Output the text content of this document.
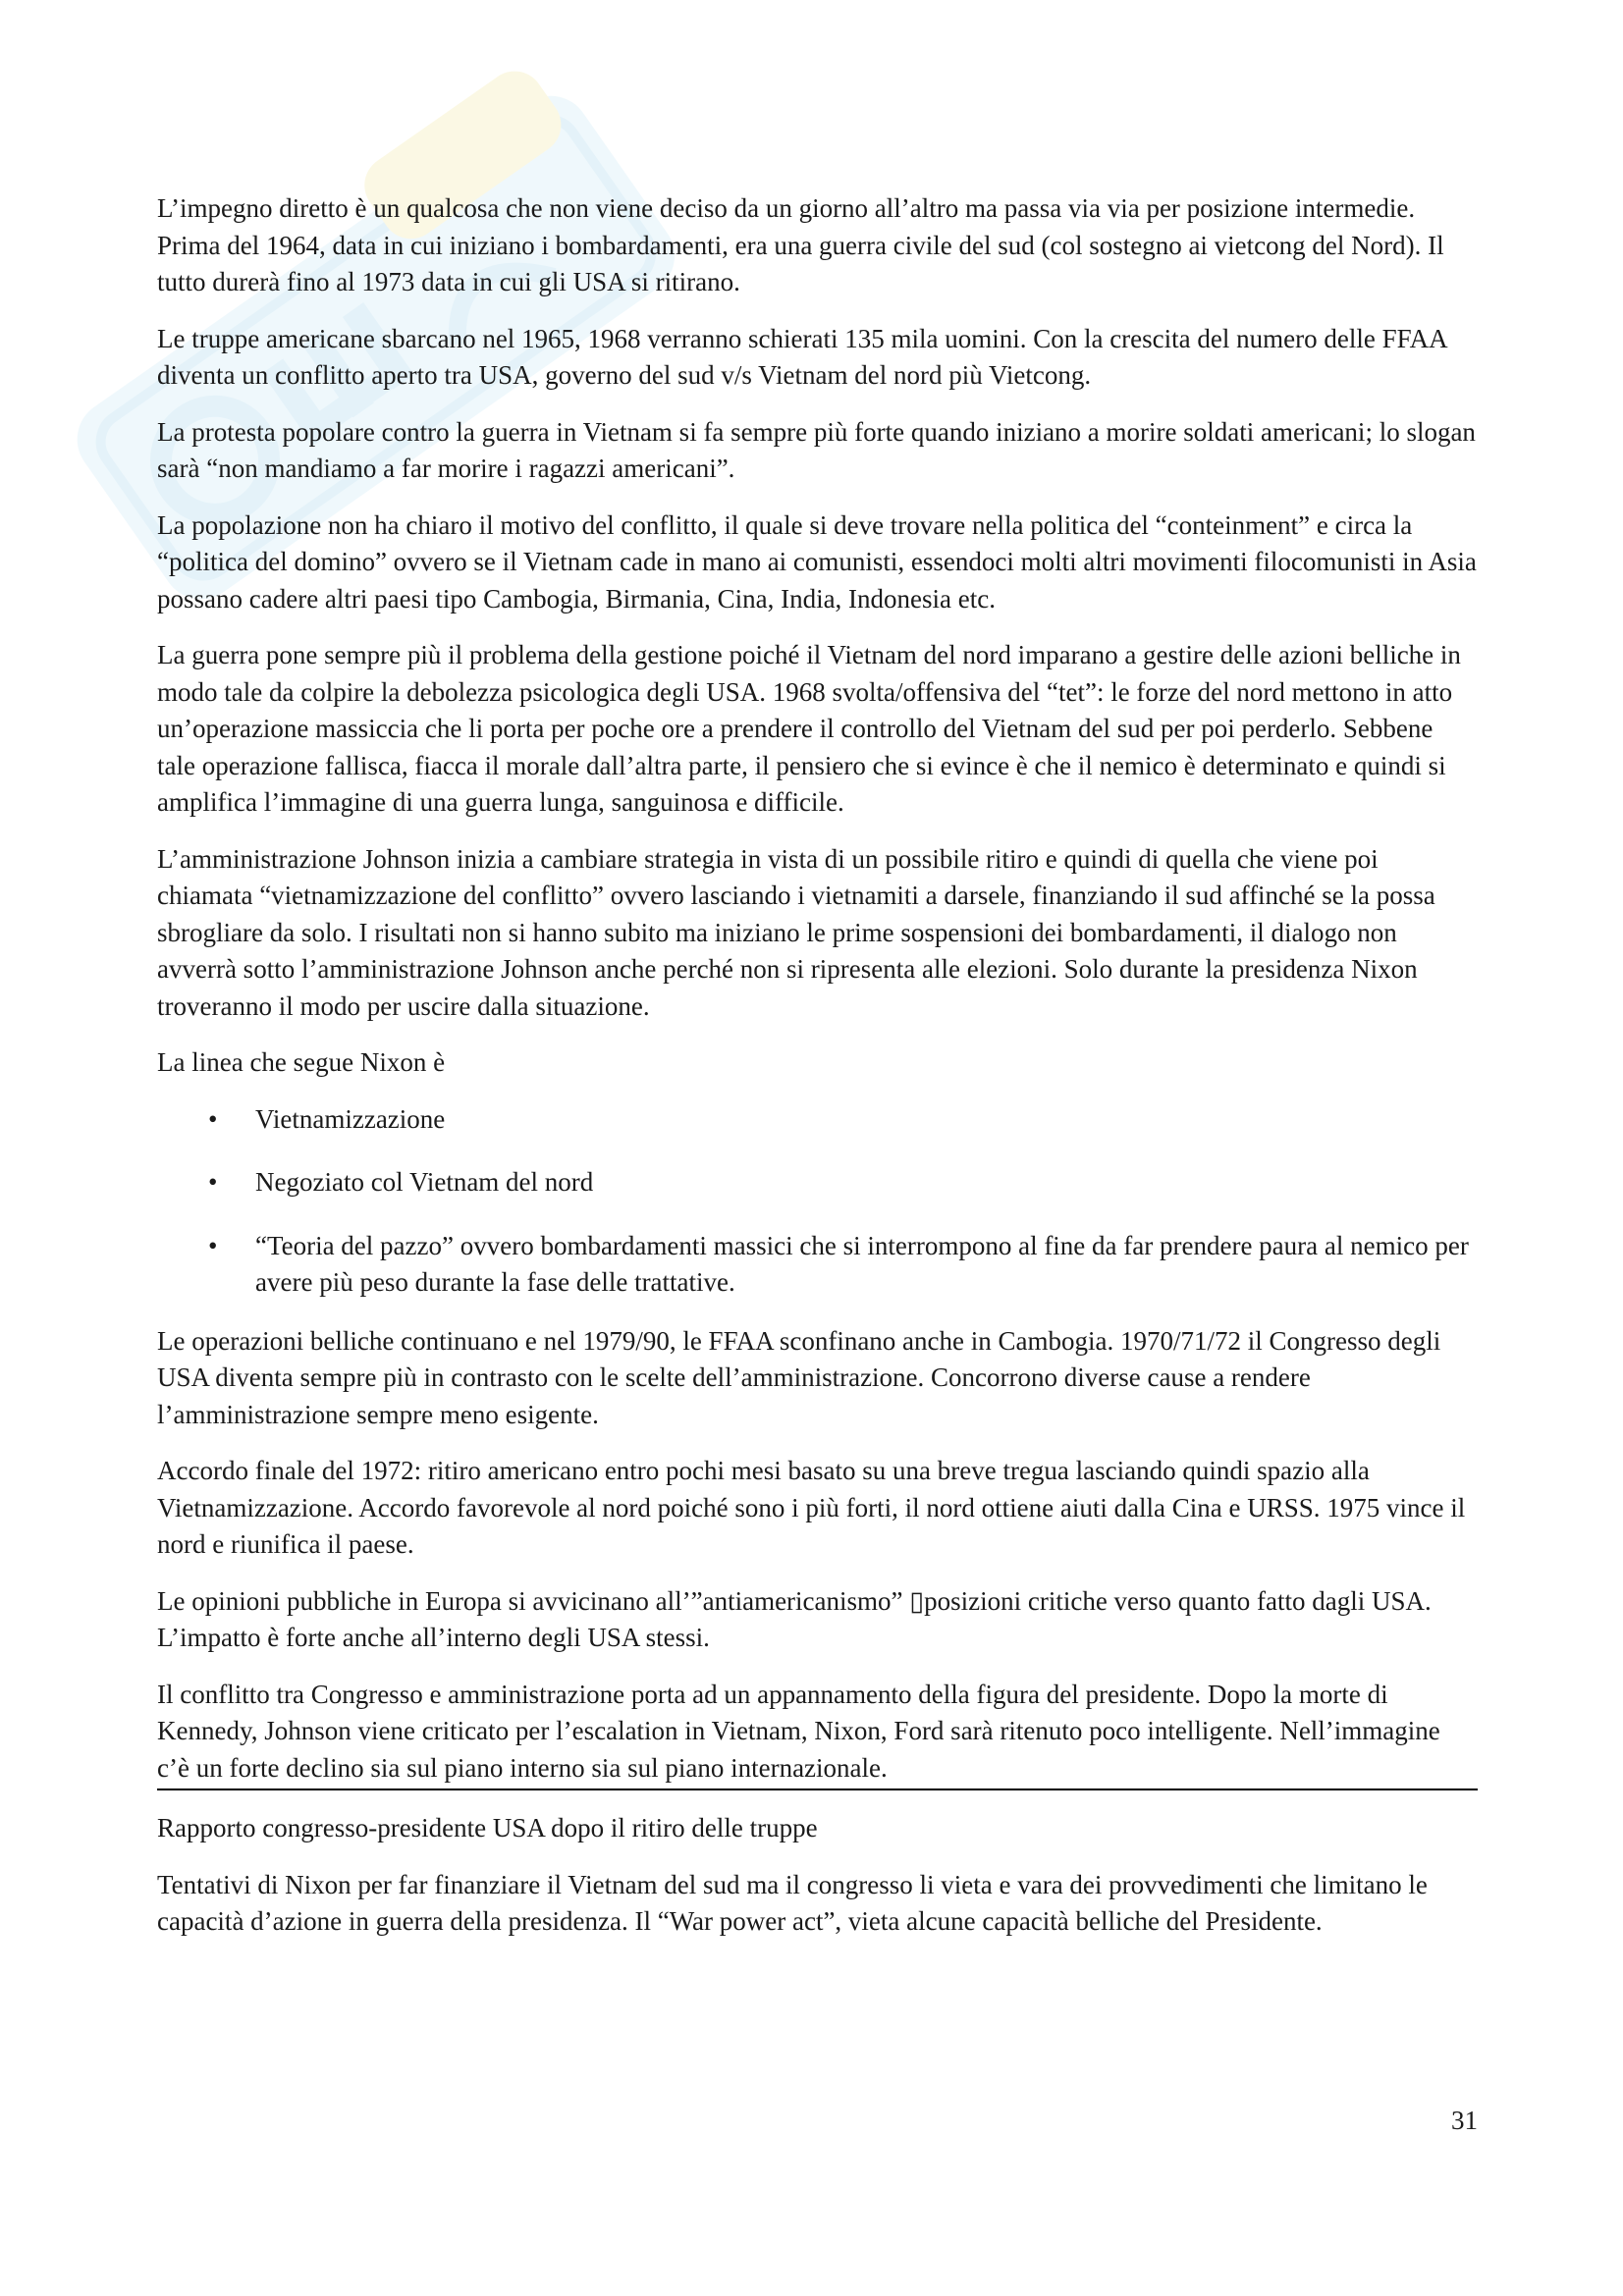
L’impegno diretto è un qualcosa che non viene deciso da un giorno all’altro ma passa via via per posizione intermedie. Prima del 1964, data in cui iniziano i bombardamenti, era una guerra civile del sud (col sostegno ai vietcong del Nord). Il tutto durerà fino al 1973 data in cui gli USA si ritirano.

Le truppe americane sbarcano nel 1965, 1968 verranno schierati 135 mila uomini. Con la crescita del numero delle FFAA diventa un conflitto aperto tra USA, governo del sud v/s Vietnam del nord più Vietcong.

La protesta popolare contro la guerra in Vietnam si fa sempre più forte quando iniziano a morire soldati americani; lo slogan sarà “non mandiamo a far morire i ragazzi americani”.

La popolazione non ha chiaro il motivo del conflitto, il quale si deve trovare nella politica del “conteinment” e circa la “politica del domino” ovvero se il Vietnam cade in mano ai comunisti, essendoci molti altri movimenti filocomunisti in Asia possano cadere altri paesi tipo Cambogia, Birmania, Cina, India, Indonesia etc.

La guerra pone sempre più il problema della gestione poiché il Vietnam del nord imparano a gestire delle azioni belliche in modo tale da colpire la debolezza psicologica degli USA. 1968 svolta/offensiva del “tet”: le forze del nord mettono in atto un’operazione massiccia che li porta per poche ore a prendere il controllo del Vietnam del sud per poi perderlo. Sebbene tale operazione fallisca, fiacca il morale dall’altra parte, il pensiero che si evince è che il nemico è determinato e quindi si amplifica l’immagine di una guerra lunga, sanguinosa e difficile.

L’amministrazione Johnson inizia a cambiare strategia in vista di un possibile ritiro e quindi di quella che viene poi chiamata “vietnamizzazione del conflitto” ovvero lasciando i vietnamiti a darsele, finanziando il sud affinché se la possa sbrogliare da solo. I risultati non si hanno subito ma iniziano le prime sospensioni dei bombardamenti, il dialogo non avverrà sotto l’amministrazione Johnson anche perché non si ripresenta alle elezioni. Solo durante la presidenza Nixon troveranno il modo per uscire dalla situazione.

La linea che segue Nixon è

• Vietnamizzazione
• Negoziato col Vietnam del nord
• “Teoria del pazzo” ovvero bombardamenti massici che si interrompono al fine da far prendere paura al nemico per avere più peso durante la fase delle trattative.

Le operazioni belliche continuano e nel 1979/90, le FFAA sconfinano anche in Cambogia. 1970/71/72 il Congresso degli USA diventa sempre più in contrasto con le scelte dell’amministrazione. Concorrono diverse cause a rendere l’amministrazione sempre meno esigente.

Accordo finale del 1972: ritiro americano entro pochi mesi basato su una breve tregua lasciando quindi spazio alla Vietnamizzazione. Accordo favorevole al nord poiché sono i più forti, il nord ottiene aiuti dalla Cina e URSS. 1975 vince il nord e riunifica il paese.

Le opinioni pubbliche in Europa si avvicinano all’”antiamericanismo” ▯posizioni critiche verso quanto fatto dagli USA. L’impatto è forte anche all’interno degli USA stessi.

Il conflitto tra Congresso e amministrazione porta ad un appannamento della figura del presidente. Dopo la morte di Kennedy, Johnson viene criticato per l’escalation in Vietnam, Nixon, Ford sarà ritenuto poco intelligente. Nell’immagine c’è un forte declino sia sul piano interno sia sul piano internazionale.

Rapporto congresso-presidente USA dopo il ritiro delle truppe

Tentativi di Nixon per far finanziare il Vietnam del sud ma il congresso li vieta e vara dei provvedimenti che limitano le capacità d’azione in guerra della presidenza. Il “War power act”, vieta alcune capacità belliche del Presidente.

31
